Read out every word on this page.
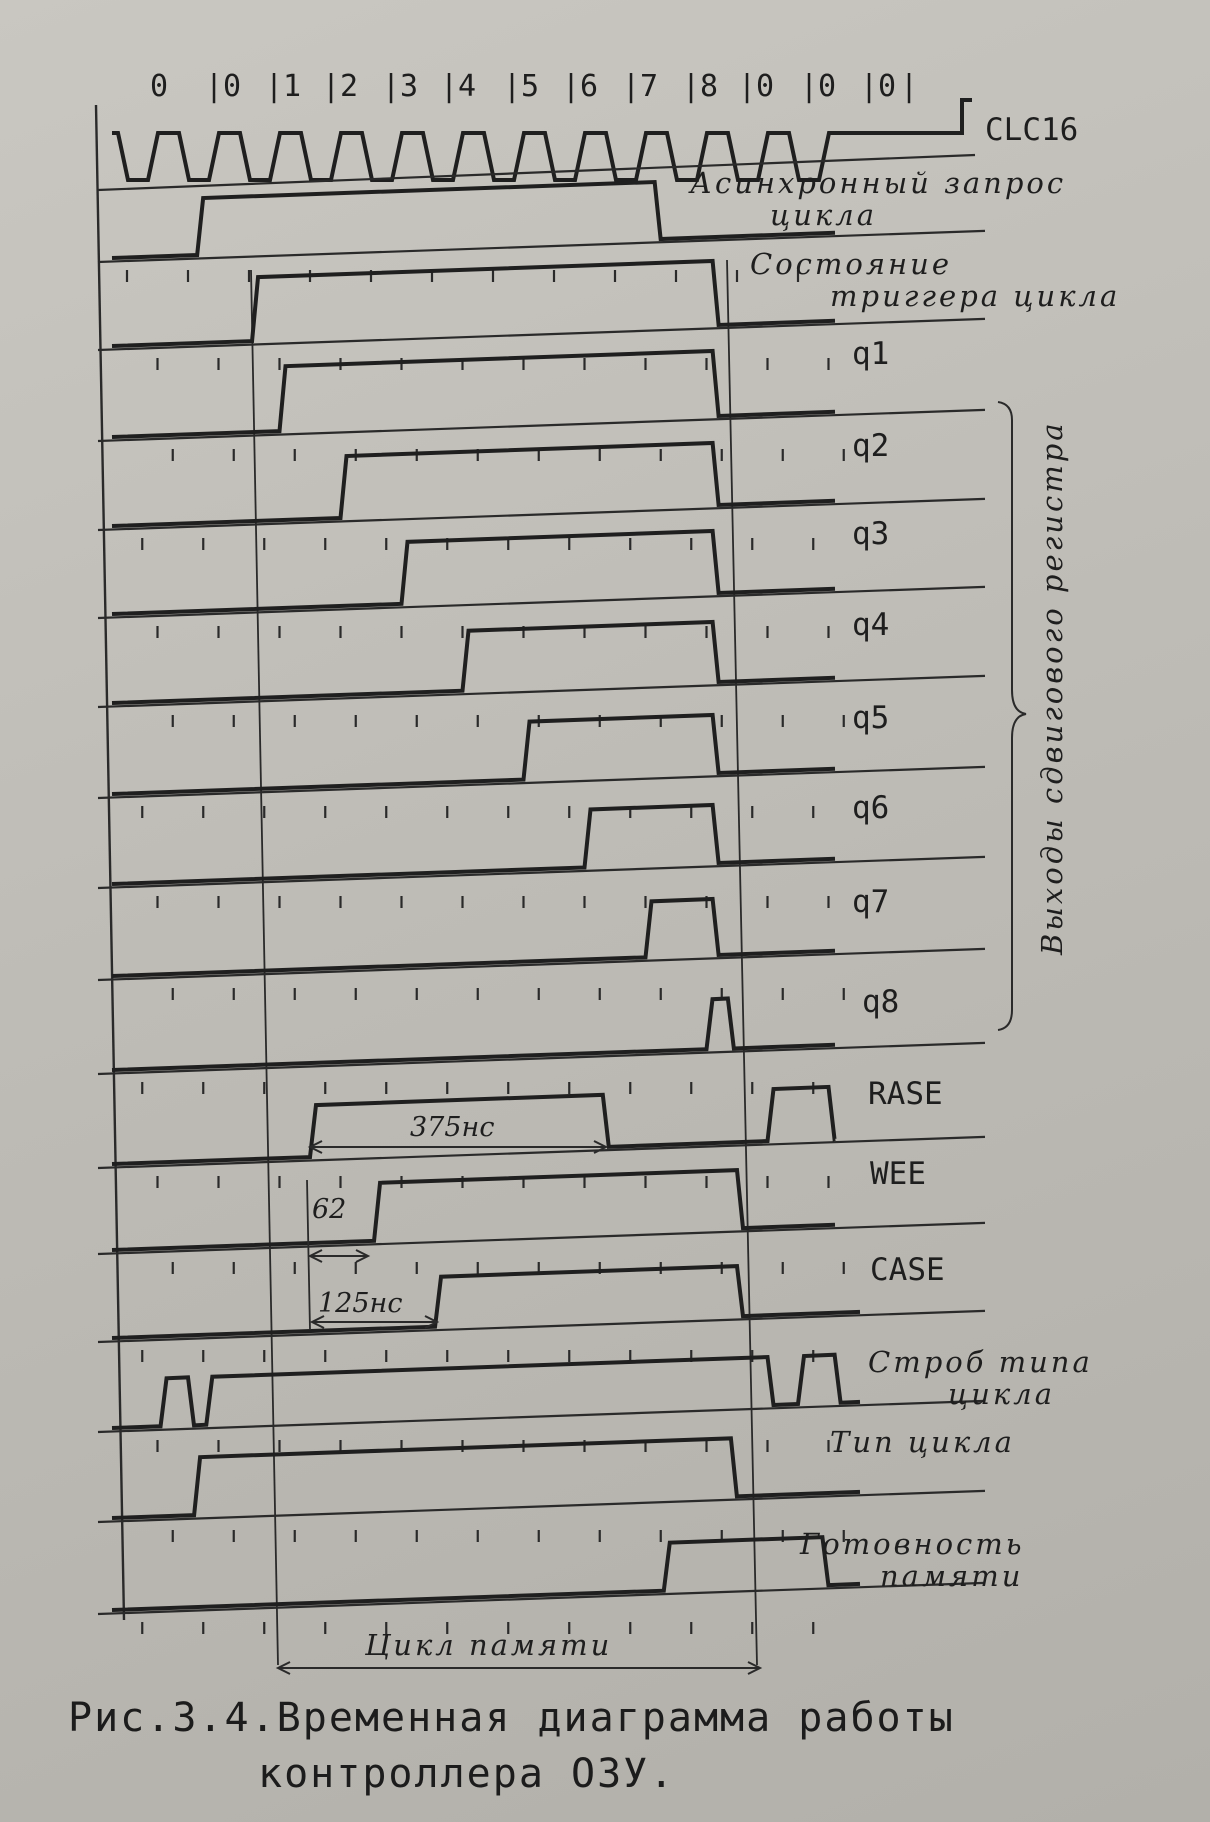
0 |0 |1 |2 |3 |4 |5 |6 |7 |8 |0 |0 |0 |
CLC16
Асинхронный запрос
цикла
Состояние
триггера цикла
q1
q2
q3
q4
q5
q6
q7
q8
RASE
WEE
CASE
Строб типа
цикла
Тип цикла
Готовность
памяти
Выходы сдвигового регистра
375нс
62
125нс
Цикл памяти
Рис.3.4.Временная диаграмма работы
контроллера ОЗУ.
